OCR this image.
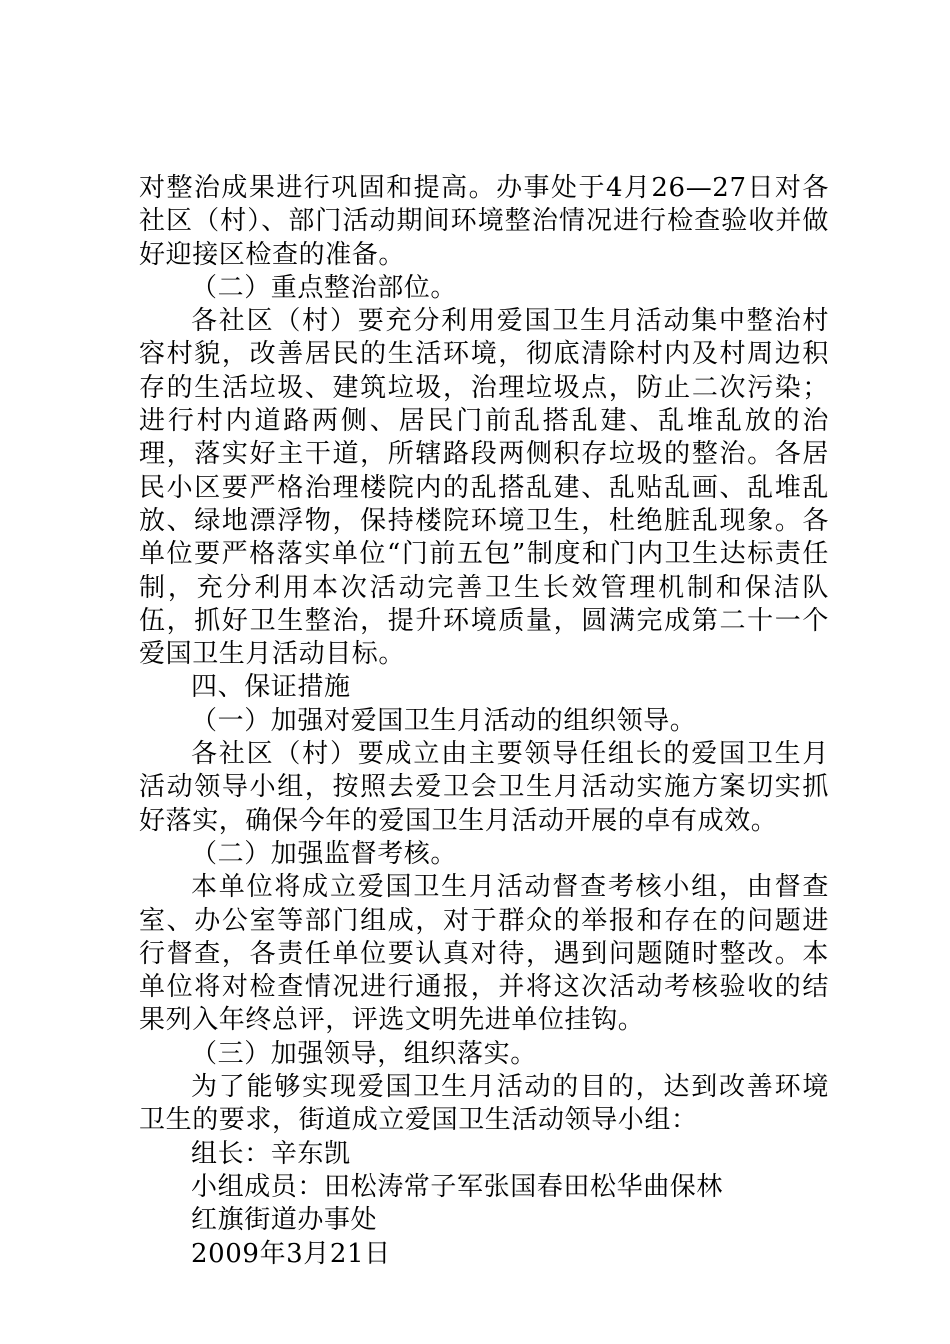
对整治成果进行巩固和提高。办事处于4月26—27日对各社区（村）、部门活动期间环境整治情况进行检查验收并做好迎接区检查的准备。

（二）重点整治部位。

各社区（村）要充分利用爱国卫生月活动集中整治村容村貌，改善居民的生活环境，彻底清除村内及村周边积存的生活垃圾、建筑垃圾，治理垃圾点，防止二次污染；进行村内道路两侧、居民门前乱搭乱建、乱堆乱放的治理，落实好主干道，所辖路段两侧积存垃圾的整治。各居民小区要严格治理楼院内的乱搭乱建、乱贴乱画、乱堆乱放、绿地漂浮物，保持楼院环境卫生，杜绝脏乱现象。各单位要严格落实单位“门前五包”制度和门内卫生达标责任制，充分利用本次活动完善卫生长效管理机制和保洁队伍，抓好卫生整治，提升环境质量，圆满完成第二十一个爱国卫生月活动目标。

四、保证措施

（一）加强对爱国卫生月活动的组织领导。

各社区（村）要成立由主要领导任组长的爱国卫生月活动领导小组，按照去爱卫会卫生月活动实施方案切实抓好落实，确保今年的爱国卫生月活动开展的卓有成效。

（二）加强监督考核。

本单位将成立爱国卫生月活动督查考核小组，由督查室、办公室等部门组成，对于群众的举报和存在的问题进行督查，各责任单位要认真对待，遇到问题随时整改。本单位将对检查情况进行通报，并将这次活动考核验收的结果列入年终总评，评选文明先进单位挂钩。

（三）加强领导，组织落实。

为了能够实现爱国卫生月活动的目的，达到改善环境卫生的要求，街道成立爱国卫生活动领导小组：

组长：辛东凯

小组成员：田松涛常子军张国春田松华曲保林

红旗街道办事处

2009年3月21日
